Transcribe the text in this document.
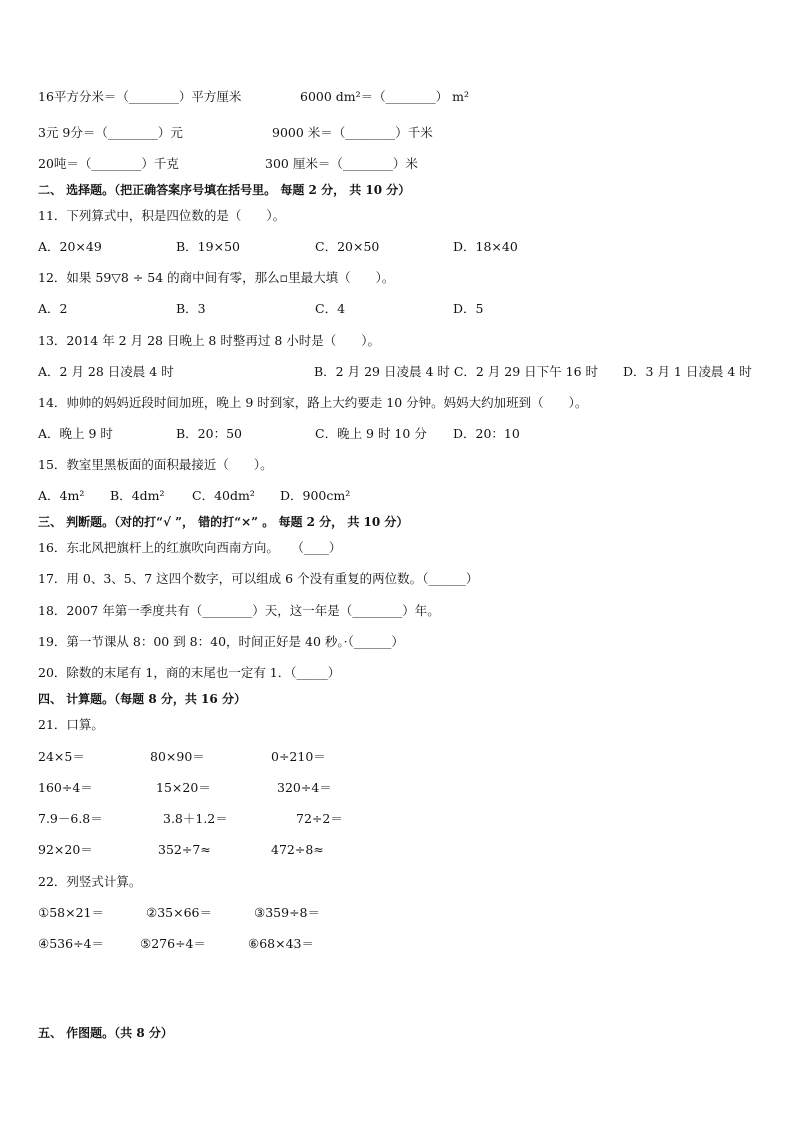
16平方分米＝（________）平方厘米	6000 dm²＝（________） m²
3元 9分＝（________）元	9000 米＝（________）千米
20吨＝（________）千克	300 厘米＝（________）米
二、 选择题。（把正确答案序号填在括号里。 每题 2 分， 共 10 分）
11．下列算式中，积是四位数的是（　　）。
A．20×49	B．19×50	C．20×50	D．18×40
12．如果 59▽8 ÷ 54 的商中间有零，那么▫里最大填（　　）。
A．2	B．3	C．4	D．5
13．2014 年 2 月 28 日晚上 8 时整再过 8 小时是（　　）。
A．2 月 28 日凌晨 4 时	B．2 月 29 日凌晨 4 时 C．2 月 29 日下午 16 时 D．3 月 1 日凌晨 4 时
14．帅帅的妈妈近段时间加班，晚上 9 时到家，路上大约要走 10 分钟。妈妈大约加班到（　　）。
A．晚上 9 时	B．20：50	C．晚上 9 时 10 分 D．20：10
15．教室里黑板面的面积最接近（　　）。
A．4m² B．4dm² C．40dm² D．900cm²
三、 判断题。（对的打“√ ”， 错的打“×” 。 每题 2 分， 共 10 分）
16．东北风把旗杆上的红旗吹向西南方向。　　（____）
17．用 0、3、5、7 这四个数字，可以组成 6 个没有重复的两位数。（______）
18．2007 年第一季度共有（________）天，这一年是（________）年。
19．第一节课从 8：00 到 8：40，时间正好是 40 秒。·（______）
20．除数的末尾有 1，商的末尾也一定有 1．（_____）
四、 计算题。（每题 8 分，共 16 分）
21．口算。
24×5＝	80×90＝	0÷210＝
160÷4＝	15×20＝	320÷4＝
7.9－6.8＝	3.8＋1.2＝	72÷2＝
92×20＝	352÷7≈	472÷8≈
22．列竖式计算。
①58×21＝	②35×66＝	③359÷8＝
④536÷4＝	⑤276÷4＝	⑥68×43＝
五、 作图题。（共 8 分）
